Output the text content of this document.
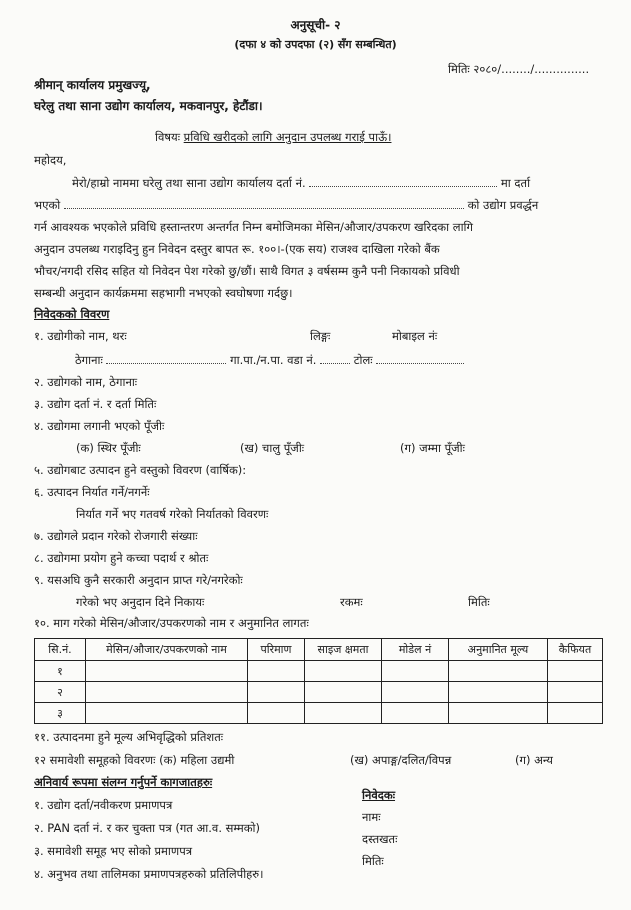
अनुसूची- २
(दफा ४ को उपदफा (२) सँग सम्बन्धित)
मितिः २०८०/......../...............
श्रीमान् कार्यालय प्रमुखज्यू,
घरेलु तथा साना उद्योग कार्यालय, मकवानपुर, हेटौंडा।
विषयः प्रविधि खरीदको लागि अनुदान उपलब्ध गराई पाऊँ।
महोदय,
मेरो/हाम्रो नाममा घरेलु तथा साना उद्योग कार्यालय दर्ता नं.	मा दर्ता
भएको	को उद्योग प्रवर्द्धन
गर्न आवश्यक भएकोले प्रविधि हस्तान्तरण अन्तर्गत निम्न बमोजिमका मेसिन/औजार/उपकरण खरिदका लागि
अनुदान उपलब्ध गराइदिनु हुन निवेदन दस्तुर बापत रू. १००।-(एक सय) राजश्व दाखिला गरेको बैंक
भौचर/नगदी रसिद सहित यो निवेदन पेश गरेको छु/छौं। साथै विगत ३ वर्षसम्म कुनै पनी निकायको प्रविधी
सम्बन्धी अनुदान कार्यक्रममा सहभागी नभएको स्वघोषणा गर्दछु।
निवेदकको विवरण
१. उद्योगीको नाम, थरः	लिङ्गः	मोबाइल नंः
ठेगानाः	गा.पा./न.पा. वडा नं.	टोलः
२. उद्योगको नाम, ठेगानाः
३. उद्योग दर्ता नं. र दर्ता मितिः
४. उद्योगमा लगानी भएको पूँजीः
(क) स्थिर पूँजीः	(ख) चालु पूँजीः	(ग) जम्मा पूँजीः
५. उद्योगबाट उत्पादन हुने वस्तुको विवरण (वार्षिक):
६. उत्पादन निर्यात गर्ने/नगर्नेः
निर्यात गर्ने भए गतवर्ष गरेको निर्यातको विवरणः
७. उद्योगले प्रदान गरेको रोजगारी संख्याः
८. उद्योगमा प्रयोग हुने कच्चा पदार्थ र श्रोतः
९. यसअघि कुनै सरकारी अनुदान प्राप्त गरे/नगरेकोः
गरेको भए अनुदान दिने निकायः	रकमः	मितिः
१०. माग गरेको मेसिन/औजार/उपकरणको नाम र अनुमानित लागतः
सि.नं.	मेसिन/औजार/उपकरणको नाम	परिमाण	साइज क्षमता	मोडेल नं	अनुमानित मूल्य	कैफियत
१						
२						
३						
११. उत्पादनमा हुने मूल्य अभिवृद्धिको प्रतिशतः
१२ समावेशी समूहको विवरणः (क) महिला उद्यमी	(ख) अपाङ्ग/दलित/विपन्न	(ग) अन्य
अनिवार्य रूपमा संलग्न गर्नुपर्ने कागजातहरुः
१. उद्योग दर्ता/नवीकरण प्रमाणपत्र
२. PAN दर्ता नं. र कर चुक्ता पत्र (गत आ.व. सम्मको)
३. समावेशी समूह भए सोको प्रमाणपत्र
४. अनुभव तथा तालिमका प्रमाणपत्रहरुको प्रतिलिपीहरु।
निवेदकः
नामः
दस्तखतः
मितिः
